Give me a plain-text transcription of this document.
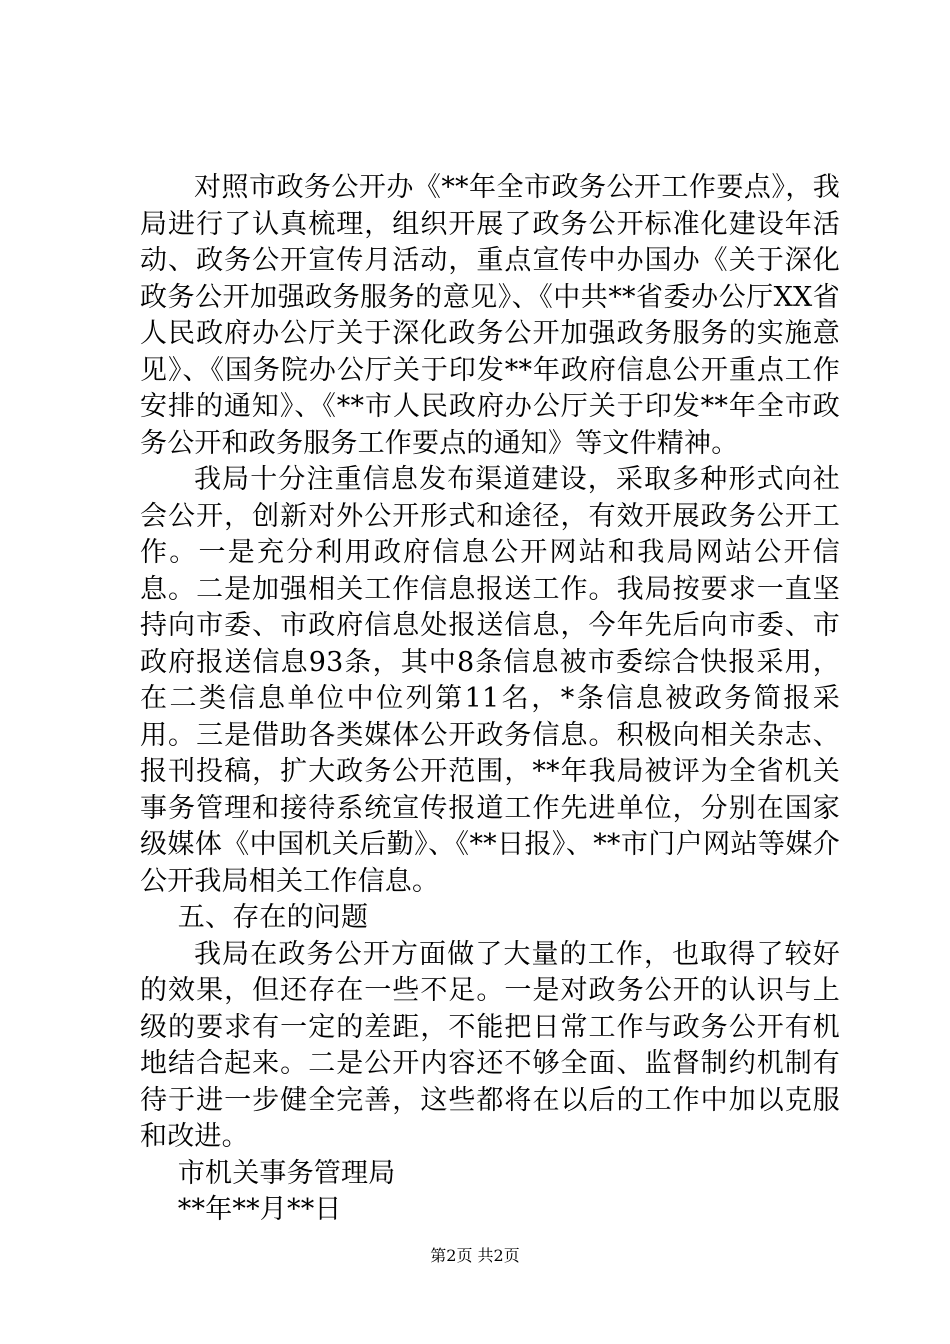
对照市政务公开办《**年全市政务公开工作要点》，我局进行了认真梳理，组织开展了政务公开标准化建设年活动、政务公开宣传月活动，重点宣传中办国办《关于深化政务公开加强政务服务的意见》、《中共**省委办公厅XX省人民政府办公厅关于深化政务公开加强政务服务的实施意见》、《国务院办公厅关于印发**年政府信息公开重点工作安排的通知》、《**市人民政府办公厅关于印发**年全市政务公开和政务服务工作要点的通知》等文件精神。

我局十分注重信息发布渠道建设，采取多种形式向社会公开，创新对外公开形式和途径，有效开展政务公开工作。一是充分利用政府信息公开网站和我局网站公开信息。二是加强相关工作信息报送工作。我局按要求一直坚持向市委、市政府信息处报送信息，今年先后向市委、市政府报送信息93条，其中8条信息被市委综合快报采用，在二类信息单位中位列第11名，*条信息被政务简报采用。三是借助各类媒体公开政务信息。积极向相关杂志、报刊投稿，扩大政务公开范围，**年我局被评为全省机关事务管理和接待系统宣传报道工作先进单位，分别在国家级媒体《中国机关后勤》、《**日报》、**市门户网站等媒介公开我局相关工作信息。

五、存在的问题

我局在政务公开方面做了大量的工作，也取得了较好的效果，但还存在一些不足。一是对政务公开的认识与上级的要求有一定的差距，不能把日常工作与政务公开有机地结合起来。二是公开内容还不够全面、监督制约机制有待于进一步健全完善，这些都将在以后的工作中加以克服和改进。

市机关事务管理局

**年**月**日

第2页 共2页
